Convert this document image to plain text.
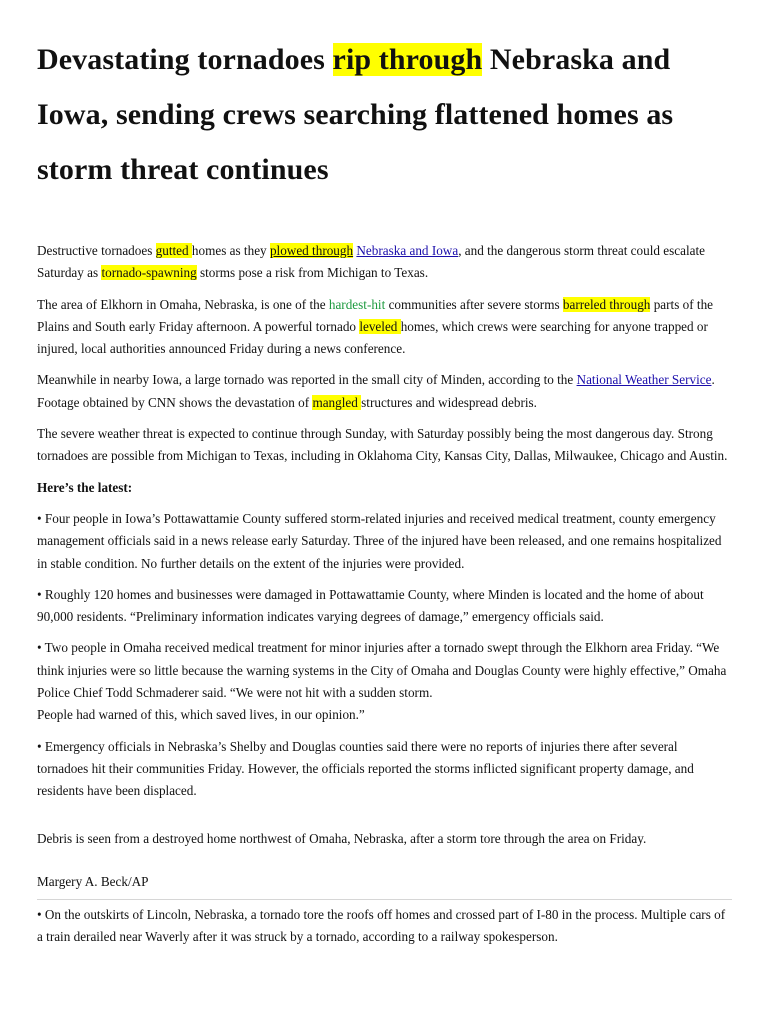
Devastating tornadoes rip through Nebraska and Iowa, sending crews searching flattened homes as storm threat continues

Destructive tornadoes gutted homes as they plowed through Nebraska and Iowa, and the dangerous storm threat could escalate Saturday as tornado-spawning storms pose a risk from Michigan to Texas.

The area of Elkhorn in Omaha, Nebraska, is one of the hardest-hit communities after severe storms barreled through parts of the Plains and South early Friday afternoon. A powerful tornado leveled homes, which crews were searching for anyone trapped or injured, local authorities announced Friday during a news conference.

Meanwhile in nearby Iowa, a large tornado was reported in the small city of Minden, according to the National Weather Service. Footage obtained by CNN shows the devastation of mangled structures and widespread debris.

The severe weather threat is expected to continue through Sunday, with Saturday possibly being the most dangerous day. Strong tornadoes are possible from Michigan to Texas, including in Oklahoma City, Kansas City, Dallas, Milwaukee, Chicago and Austin.

Here’s the latest:

• Four people in Iowa’s Pottawattamie County suffered storm-related injuries and received medical treatment, county emergency management officials said in a news release early Saturday. Three of the injured have been released, and one remains hospitalized in stable condition. No further details on the extent of the injuries were provided.

• Roughly 120 homes and businesses were damaged in Pottawattamie County, where Minden is located and the home of about 90,000 residents. “Preliminary information indicates varying degrees of damage,” emergency officials said.

• Two people in Omaha received medical treatment for minor injuries after a tornado swept through the Elkhorn area Friday. “We think injuries were so little because the warning systems in the City of Omaha and Douglas County were highly effective,” Omaha Police Chief Todd Schmaderer said. “We were not hit with a sudden storm.
People had warned of this, which saved lives, in our opinion.”

• Emergency officials in Nebraska’s Shelby and Douglas counties said there were no reports of injuries there after several tornadoes hit their communities Friday. However, the officials reported the storms inflicted significant property damage, and residents have been displaced.

Debris is seen from a destroyed home northwest of Omaha, Nebraska, after a storm tore through the area on Friday.

Margery A. Beck/AP

• On the outskirts of Lincoln, Nebraska, a tornado tore the roofs off homes and crossed part of I-80 in the process. Multiple cars of a train derailed near Waverly after it was struck by a tornado, according to a railway spokesperson.
